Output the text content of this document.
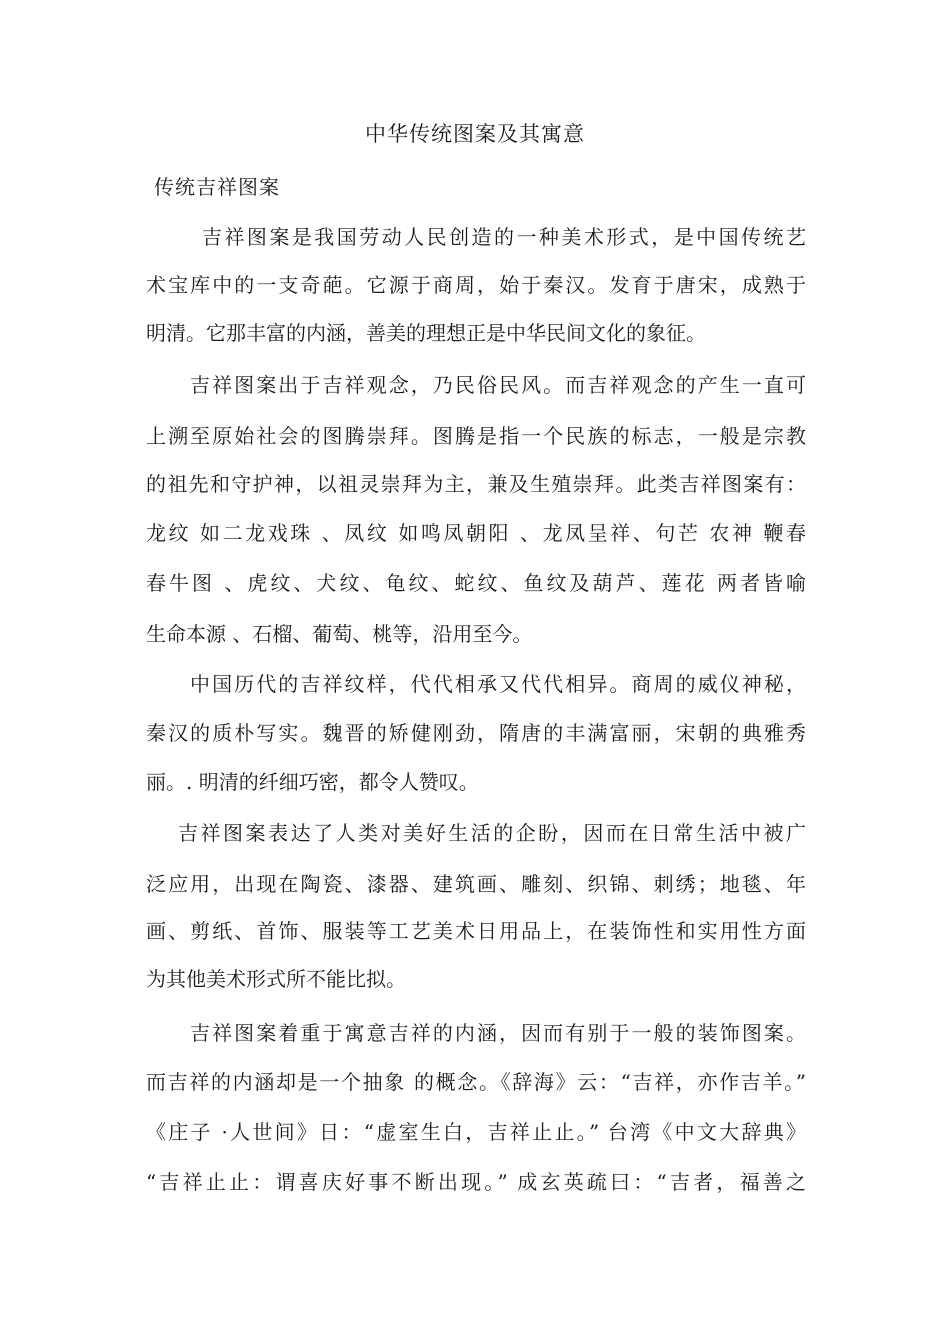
中华传统图案及其寓意
传统吉祥图案
吉祥图案是我国劳动人民创造的一种美术形式，是中国传统艺
术宝库中的一支奇葩。它源于商周，始于秦汉。发育于唐宋，成熟于
明清。它那丰富的内涵，善美的理想正是中华民间文化的象征。
吉祥图案出于吉祥观念，乃民俗民风。而吉祥观念的产生一直可
上溯至原始社会的图腾崇拜。图腾是指一个民族的标志，一般是宗教
的祖先和守护神，以祖灵崇拜为主，兼及生殖崇拜。此类吉祥图案有：
龙纹 如二龙戏珠 、凤纹 如鸣凤朝阳 、龙凤呈祥、句芒 农神 鞭春
春牛图 、虎纹、犬纹、龟纹、蛇纹、鱼纹及葫芦、莲花 两者皆喻
生命本源 、石榴、葡萄、桃等，沿用至今。
中国历代的吉祥纹样，代代相承又代代相异。商周的威仪神秘，
秦汉的质朴写实。魏晋的矫健刚劲，隋唐的丰满富丽，宋朝的典雅秀
丽。. 明清的纤细巧密，都令人赞叹。
吉祥图案表达了人类对美好生活的企盼，因而在日常生活中被广
泛应用，出现在陶瓷、漆器、建筑画、雕刻、织锦、刺绣；地毯、年
画、剪纸、首饰、服装等工艺美术日用品上，在装饰性和实用性方面
为其他美术形式所不能比拟。
吉祥图案着重于寓意吉祥的内涵，因而有别于一般的装饰图案。
而吉祥的内涵却是一个抽象 的概念。《辞海》云：“吉祥，亦作吉羊。”
《庄子 ·人世间》日：“虚室生白，吉祥止止。” 台湾《中文大辞典》
“吉祥止止：谓喜庆好事不断出现。” 成玄英疏曰：“吉者，福善之
